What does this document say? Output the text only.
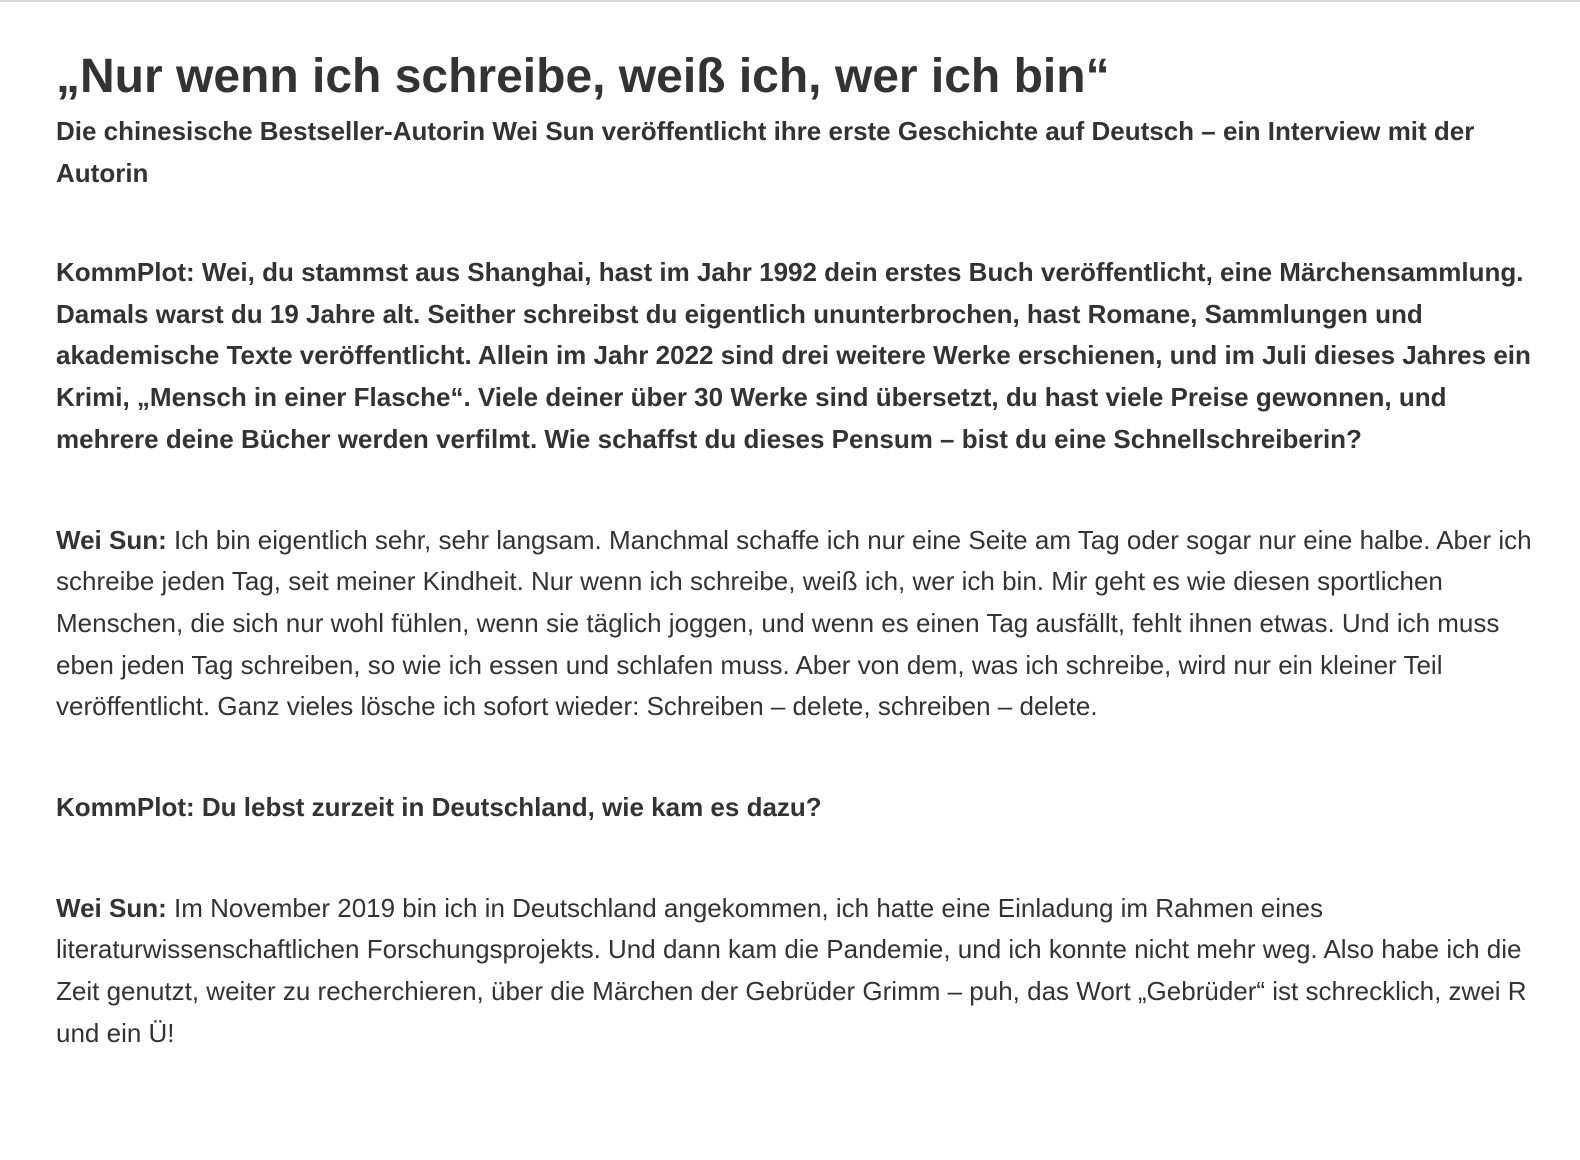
„Nur wenn ich schreibe, weiß ich, wer ich bin“

Die chinesische Bestseller-Autorin Wei Sun veröffentlicht ihre erste Geschichte auf Deutsch – ein Interview mit der Autorin

KommPlot: Wei, du stammst aus Shanghai, hast im Jahr 1992 dein erstes Buch veröffentlicht, eine Märchensammlung. Damals warst du 19 Jahre alt. Seither schreibst du eigentlich ununterbrochen, hast Romane, Sammlungen und akademische Texte veröffentlicht. Allein im Jahr 2022 sind drei weitere Werke erschienen, und im Juli dieses Jahres ein Krimi, „Mensch in einer Flasche“. Viele deiner über 30 Werke sind übersetzt, du hast viele Preise gewonnen, und mehrere deine Bücher werden verfilmt. Wie schaffst du dieses Pensum – bist du eine Schnellschreiberin?

Wei Sun: Ich bin eigentlich sehr, sehr langsam. Manchmal schaffe ich nur eine Seite am Tag oder sogar nur eine halbe. Aber ich schreibe jeden Tag, seit meiner Kindheit. Nur wenn ich schreibe, weiß ich, wer ich bin. Mir geht es wie diesen sportlichen Menschen, die sich nur wohl fühlen, wenn sie täglich joggen, und wenn es einen Tag ausfällt, fehlt ihnen etwas. Und ich muss eben jeden Tag schreiben, so wie ich essen und schlafen muss. Aber von dem, was ich schreibe, wird nur ein kleiner Teil veröffentlicht. Ganz vieles lösche ich sofort wieder: Schreiben – delete, schreiben – delete.

KommPlot: Du lebst zurzeit in Deutschland, wie kam es dazu?

Wei Sun: Im November 2019 bin ich in Deutschland angekommen, ich hatte eine Einladung im Rahmen eines literaturwissenschaftlichen Forschungsprojekts. Und dann kam die Pandemie, und ich konnte nicht mehr weg. Also habe ich die Zeit genutzt, weiter zu recherchieren, über die Märchen der Gebrüder Grimm – puh, das Wort „Gebrüder“ ist schrecklich, zwei R und ein Ü!
